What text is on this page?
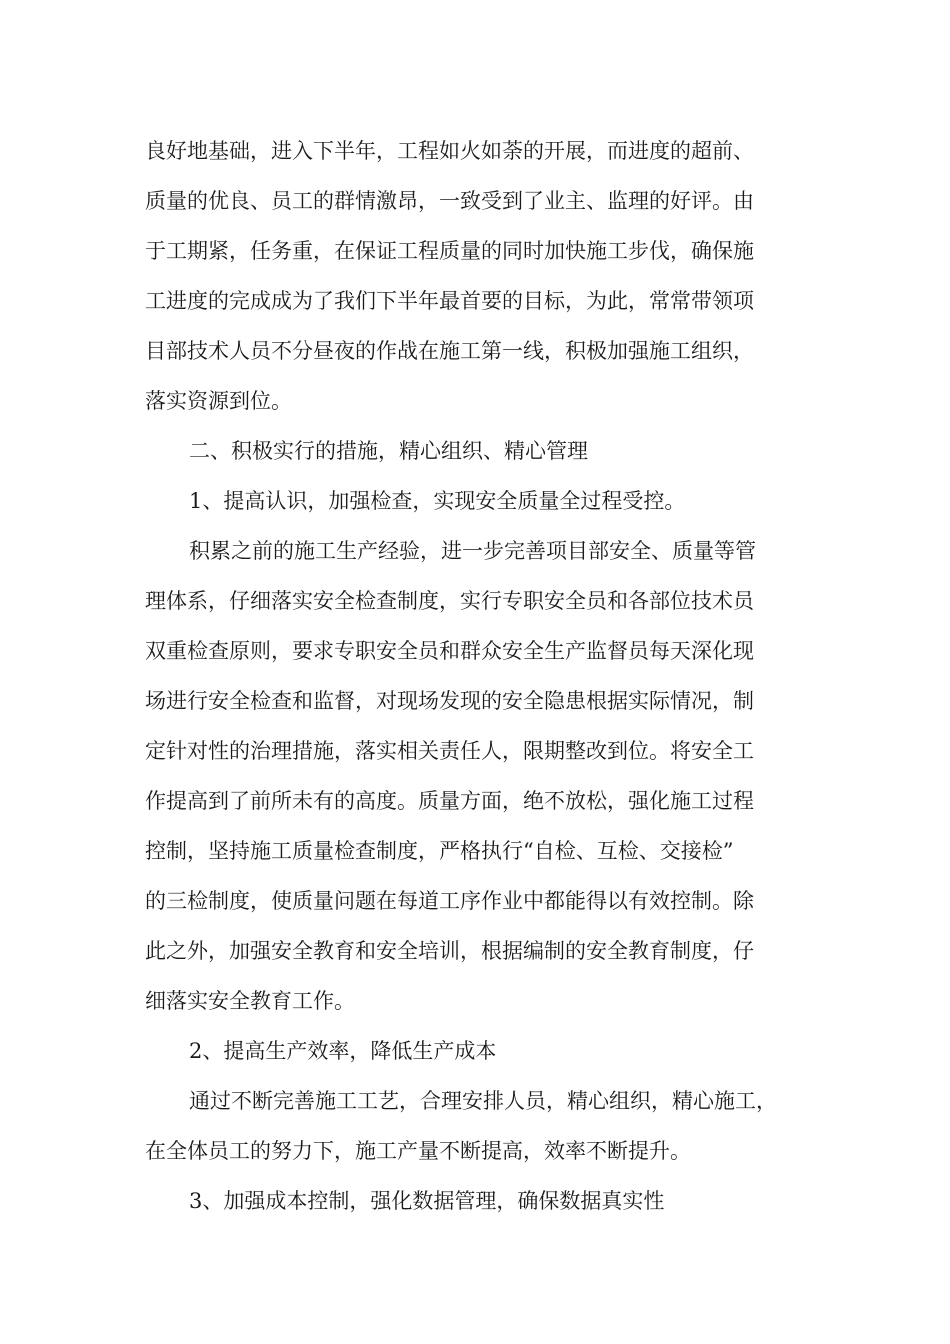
良好地基础，进入下半年，工程如火如荼的开展，而进度的超前、
质量的优良、员工的群情激昂，一致受到了业主、监理的好评。由
于工期紧，任务重，在保证工程质量的同时加快施工步伐，确保施
工进度的完成成为了我们下半年最首要的目标，为此，常常带领项
目部技术人员不分昼夜的作战在施工第一线，积极加强施工组织，
落实资源到位。
二、积极实行的措施，精心组织、精心管理
1、提高认识，加强检查，实现安全质量全过程受控。
积累之前的施工生产经验，进一步完善项目部安全、质量等管
理体系，仔细落实安全检查制度，实行专职安全员和各部位技术员
双重检查原则，要求专职安全员和群众安全生产监督员每天深化现
场进行安全检查和监督，对现场发现的安全隐患根据实际情况，制
定针对性的治理措施，落实相关责任人，限期整改到位。将安全工
作提高到了前所未有的高度。质量方面，绝不放松，强化施工过程
控制，坚持施工质量检查制度，严格执行“自检、互检、交接检”
的三检制度，使质量问题在每道工序作业中都能得以有效控制。除
此之外，加强安全教育和安全培训，根据编制的安全教育制度，仔
细落实安全教育工作。
2、提高生产效率，降低生产成本
通过不断完善施工工艺，合理安排人员，精心组织，精心施工，
在全体员工的努力下，施工产量不断提高，效率不断提升。
3、加强成本控制，强化数据管理，确保数据真实性
